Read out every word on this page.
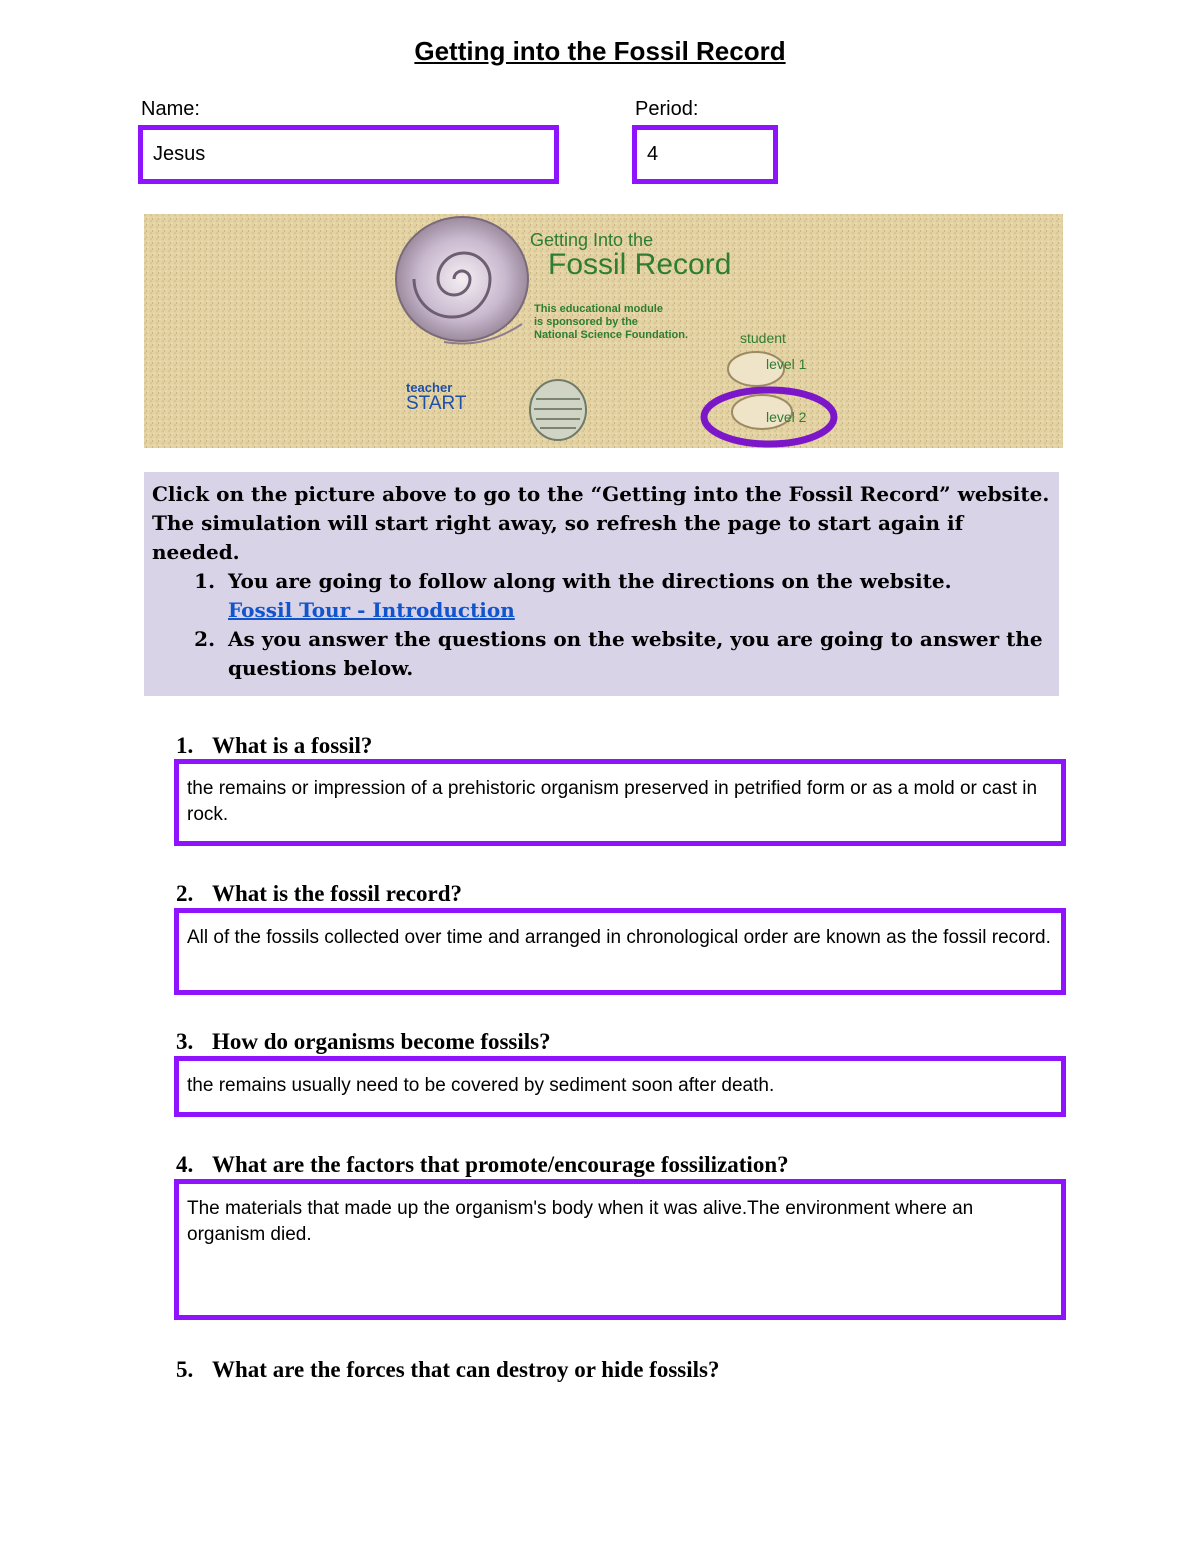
Getting into the Fossil Record
Name:
Jesus
Period:
4
Getting Into the
Fossil Record
This educational module
is sponsored by the
National Science Foundation.	student
level 1
level 2
teacher
START

Click on the picture above to go to the “Getting into the Fossil Record” website. The simulation will start right away, so refresh the page to start again if needed.

1. You are going to follow along with the directions on the website.
Fossil Tour - Introduction
2. As you answer the questions on the website, you are going to answer the questions below.
1. What is a fossil?
the remains or impression of a prehistoric organism preserved in petrified form or as a mold or cast in rock.
2. What is the fossil record?
All of the fossils collected over time and arranged in chronological order are known as the fossil record.
3. How do organisms become fossils?
the remains usually need to be covered by sediment soon after death.
4. What are the factors that promote/encourage fossilization?
The materials that made up the organism's body when it was alive.The environment where an organism died.
5. What are the forces that can destroy or hide fossils?
